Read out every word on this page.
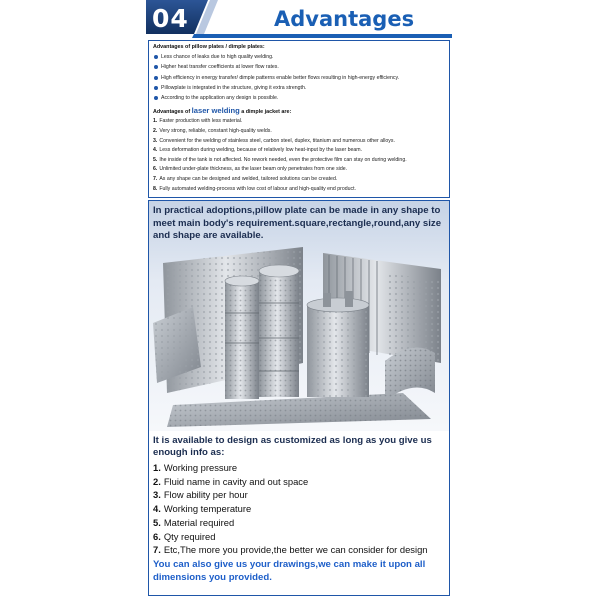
04	Advantages
Advantages of pillow plates / dimple plates:
Less chance of leaks due to high quality welding.
Higher heat transfer coefficients at lower flow rates.
High efficiency in energy transfer/ dimple patterns enable better flows resulting in high-energy efficiency.
Pillowplate is integrated in the structure, giving it extra strength.
According to the application any design is possible.
Advantages of laser welding a dimple jacket are:
1. Faster production with less material.
2. Very strong, reliable, constant high-quality welds.
3. Convenient for the welding of stainless steel, carbon steel, duplex, titanium and numerous other alloys.
4. Less deformation during welding, because of relatively low heat-input by the laser beam.
5. Ihe inside of the tank is not affected. No rework needed, even the protective film can stay on during welding.
6. Unlimited under-plate thickness, as the laser beam only penetrates from one side.
7. As any shape can be designed and welded, tailored solutions can be created.
8. Fully automated welding-process with low cost of labour and high-quality end product.
In practical adoptions,pillow plate can be made in any shape to meet main body's requirement.square,rectangle,round,any size and shape are available.
It is available to design as customized as long as you give us enough info as:
1. Working pressure
2. Fluid name in cavity and out space
3. Flow ability per hour
4. Working temperature
5. Material required
6. Qty required
7. Etc,The more you provide,the better we can consider for design
You can also give us your drawings,we can make it upon all dimensions you provided.
